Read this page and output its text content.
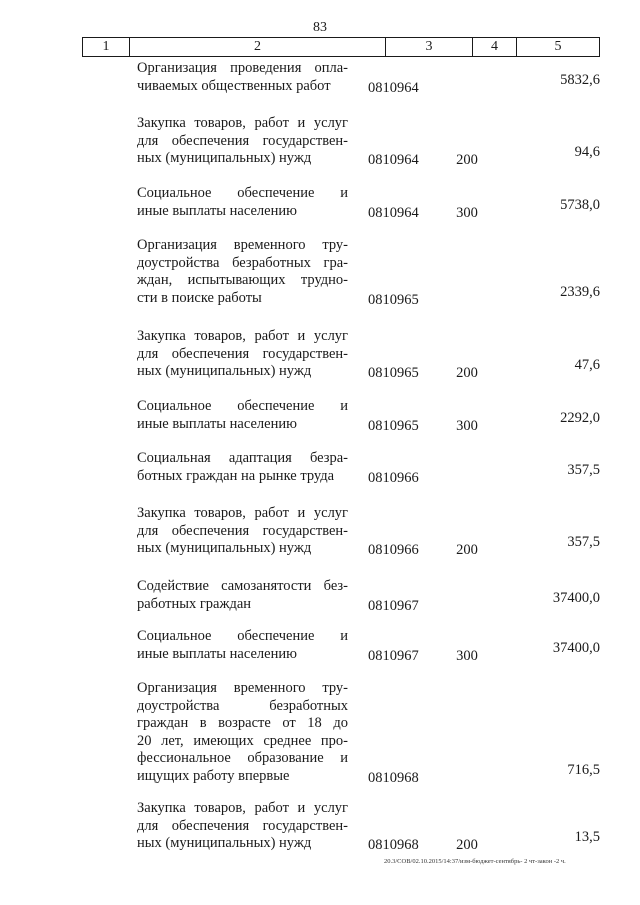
83
1	2	3	4	5
Организация проведения опла-
чиваемых общественных работ	0810964	5832,6
Закупка товаров, работ и услуг
для обеспечения государствен-
ных (муниципальных) нужд	0810964	200	94,6
Социальное обеспечение и
иные выплаты населению	0810964	300	5738,0
Организация временного тру-
доустройства безработных гра-
ждан, испытывающих трудно-
сти в поиске работы	0810965	2339,6
Закупка товаров, работ и услуг
для обеспечения государствен-
ных (муниципальных) нужд	0810965	200	47,6
Социальное обеспечение и
иные выплаты населению	0810965	300	2292,0
Социальная адаптация безра-
ботных граждан на рынке труда	0810966	357,5
Закупка товаров, работ и услуг
для обеспечения государствен-
ных (муниципальных) нужд	0810966	200	357,5
Содействие самозанятости без-
работных граждан	0810967	37400,0
Социальное обеспечение и
иные выплаты населению	0810967	300	37400,0
Организация временного тру-
доустройства безработных
граждан в возрасте от 18 до
20 лет, имеющих среднее про-
фессиональное образование и
ищущих работу впервые	0810968	716,5
Закупка товаров, работ и услуг
для обеспечения государствен-
ных (муниципальных) нужд	0810968	200	13,5
20.3/СОВ/02.10.2015/14:37/изм-бюджет-сентябрь- 2 чт-закон -2 ч.
